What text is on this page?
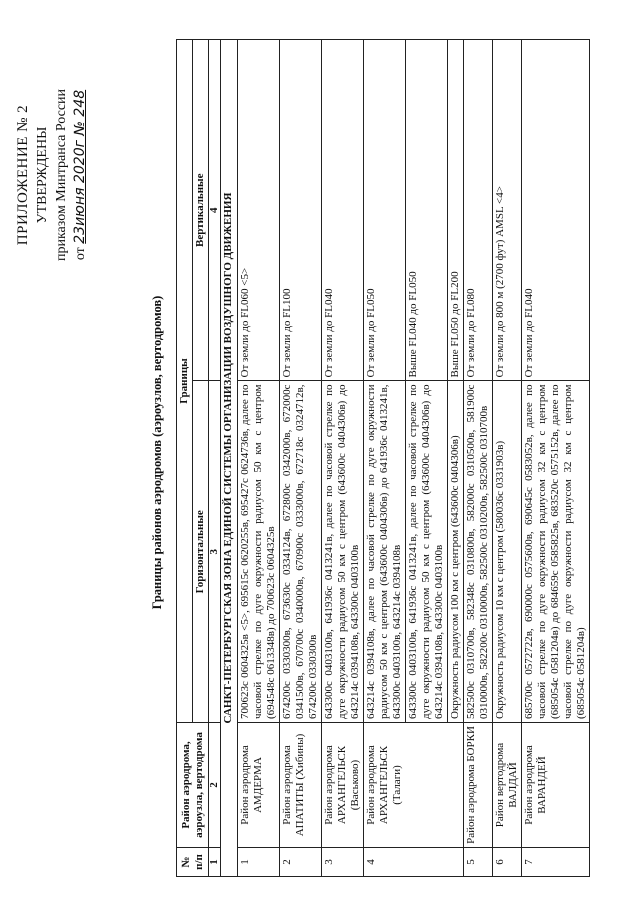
ПРИЛОЖЕНИЕ № 2 УТВЕРЖДЕНЫ приказом Минтранса России от 23июня 2020г № 248
Границы районов аэродромов (аэроузлов, вертодромов)
№ п/п	Район аэродрома, аэроузла, вертодрома	Границы	
		Горизонтальные	Вертикальные
1	2	3	4
САНКТ-ПЕТЕРБУРГСКАЯ ЗОНА ЕДИНОЙ СИСТЕМЫ ОРГАНИЗАЦИИ ВОЗДУШНОГО ДВИЖЕНИЯ			
1	Район аэродрома АМДЕРМА	700623с 0604325в <5>, 695615с 0620255в, 695427с 0624736в, далее по часовой стрелке по дуге окружности радиусом 50 км с центром (694548с 0613348в) до 700623с 0604325в	От земли до FL060 <5>
2	Район аэродрома АПАТИТЫ (Хибины)	674200с 0330300в, 673630с 0334124в, 672800с 0342000в, 672000с 0341500в, 670700с 0340000в, 670900с 0333000в, 672718с 0324712в, 674200с 0330300в	От земли до FL100
3	Район аэродрома АРХАНГЕЛЬСК (Васьково)	643300с 0403100в, 641936с 0413241в, далее по часовой стрелке по дуге окружности радиусом 50 км с центром (643600с 0404306в) до 643214с 0394108в, 643300с 0403100в	От земли до FL040
4	Район аэродрома АРХАНГЕЛЬСК (Талаги)	643214с 0394108в, далее по часовой стрелке по дуге окружности радиусом 50 км с центром (643600с 0404306в) до 641936с 0413241в, 643300с 0403100в, 643214с 0394108в	От земли до FL050
		643300с 0403100в, 641936с 0413241в, далее по часовой стрелке по дуге окружности радиусом 50 км с центром (643600с 0404306в) до 643214с 0394108в, 643300с 0403100в	Выше FL040 до FL050
		Окружность радиусом 100 км с центром (643600с 0404306в)	Выше FL050 до FL200
5	Район аэродрома БОРКИ	582500с 0310700в, 582348с 0310800в, 582000с 0310500в, 581900с 0310000в, 582200с 0310000в, 582500с 0310200в, 582500с 0310700в	От земли до FL080
6	Район вертодрома ВАЛДАЙ	Окружность радиусом 10 км с центром (580036с 0331903в)	От земли до 800 м (2700 фут) AMSL <4>
7	Район аэродрома ВАРАНДЕЙ	685700с 0572722в, 690000с 0575600в, 690645с 0583052в, далее по часовой стрелке по дуге окружности радиусом 32 км с центром (685054с 0581204в) до 684659с 0585825в, 683520с 0575152в, далее по часовой стрелке по дуге окружности радиусом 32 км с центром (685054с 0581204в)	От земли до FL040
